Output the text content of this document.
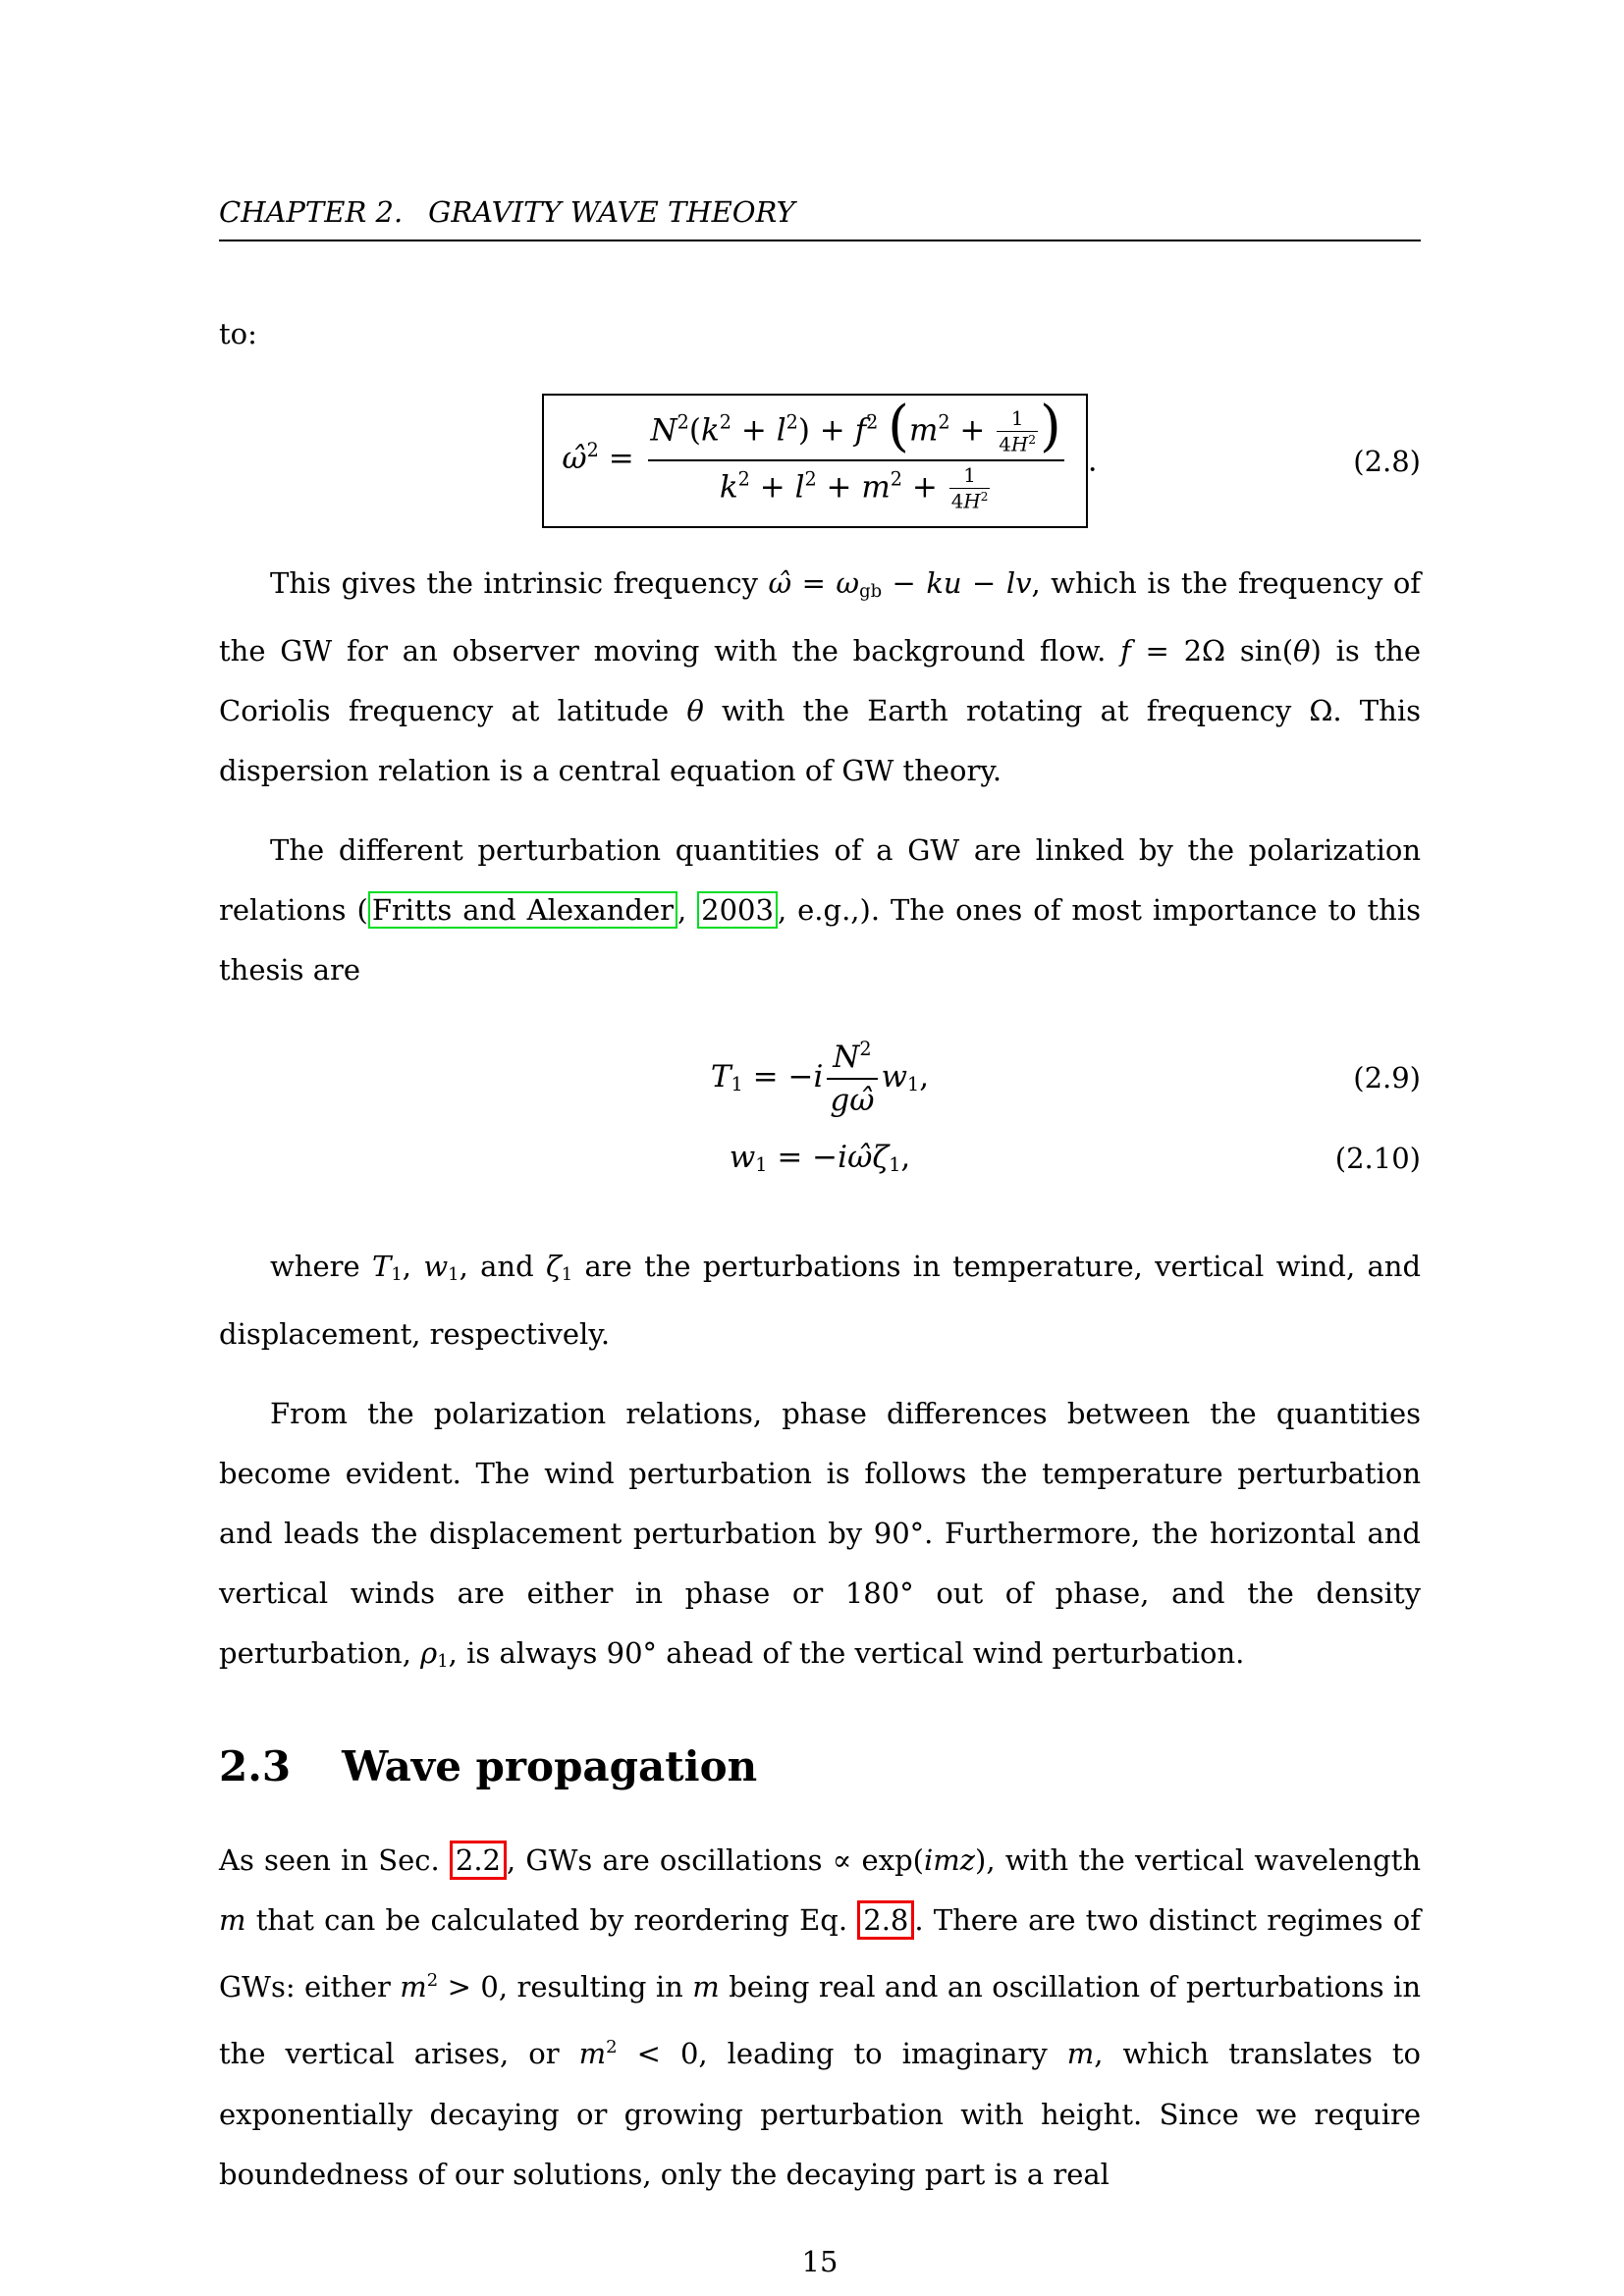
CHAPTER 2. GRAVITY WAVE THEORY

to:

ω̂$^2$ = $\frac{N^2(k^2 + l^2) + f^2 (m^2 + \frac{1}{4H^2} )}{k^2 + l^2 + m^2 + \frac{1}{4H^2}}$ .	(2.8)

This gives the intrinsic frequency ω̂ = ωgb − ku − lv, which is the frequency of the GW for an observer moving with the background flow. f = 2Ω sin(θ) is the Coriolis frequency at latitude θ with the Earth rotating at frequency Ω. This dispersion relation is a central equation of GW theory.

The different perturbation quantities of a GW are linked by the polarization relations ( Fritts and Alexander , 2003 , e.g.,). The ones of most importance to this thesis are

$T1 = -i \frac{N^2}{g\omegâ} w1$,	(2.9)
w1 = −iω̂ζ1,	(2.10)

where T1, w1, and ζ1 are the perturbations in temperature, vertical wind, and displacement, respectively.

From the polarization relations, phase differences between the quantities become evident. The wind perturbation is follows the temperature perturbation and leads the displacement perturbation by 90°. Furthermore, the horizontal and vertical winds are either in phase or 180° out of phase, and the density perturbation, ρ1, is always 90° ahead of the vertical wind perturbation.

2.3 Wave propagation

As seen in Sec. 2.2 , GWs are oscillations ∝ exp(imz), with the vertical wavelength m that can be calculated by reordering Eq. 2.8 . There are two distinct regimes of GWs: either $m^2 > 0$, resulting in m being real and an oscillation of perturbations in the vertical arises, or $m^2 < 0$, leading to imaginary m, which translates to exponentially decaying or growing perturbation with height. Since we require boundedness of our solutions, only the decaying part is a real

15
